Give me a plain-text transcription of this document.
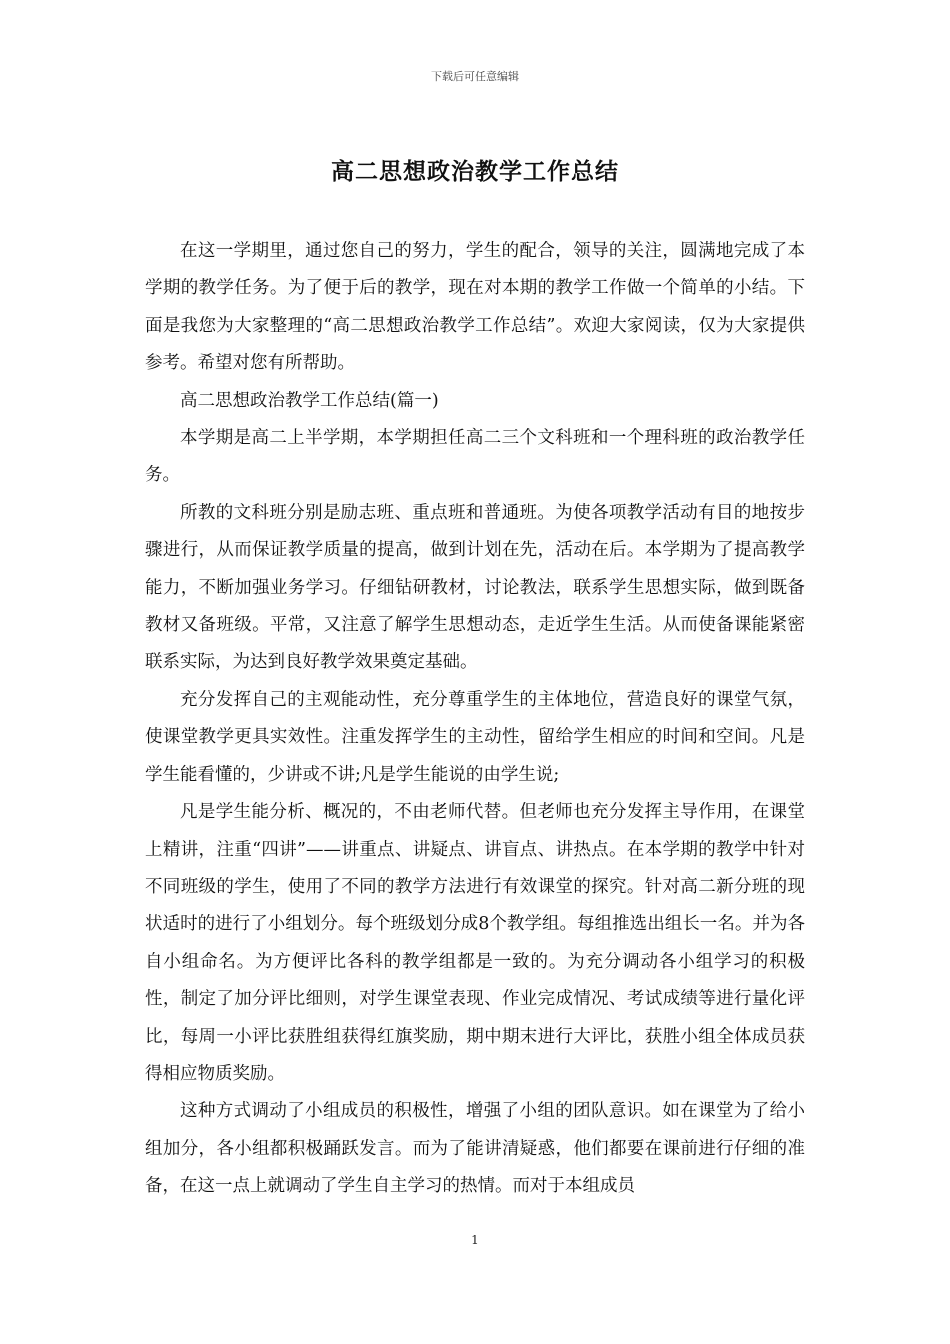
下载后可任意编辑
高二思想政治教学工作总结

在这一学期里，通过您自己的努力，学生的配合，领导的关注，圆满地完成了本学期的教学任务。为了便于后的教学，现在对本期的教学工作做一个简单的小结。下面是我您为大家整理的“高二思想政治教学工作总结”。欢迎大家阅读，仅为大家提供参考。希望对您有所帮助。

高二思想政治教学工作总结(篇一)

本学期是高二上半学期，本学期担任高二三个文科班和一个理科班的政治教学任务。

所教的文科班分别是励志班、重点班和普通班。为使各项教学活动有目的地按步骤进行，从而保证教学质量的提高，做到计划在先，活动在后。本学期为了提高教学能力，不断加强业务学习。仔细钻研教材，讨论教法，联系学生思想实际，做到既备教材又备班级。平常，又注意了解学生思想动态，走近学生生活。从而使备课能紧密联系实际，为达到良好教学效果奠定基础。

充分发挥自己的主观能动性，充分尊重学生的主体地位，营造良好的课堂气氛，使课堂教学更具实效性。注重发挥学生的主动性，留给学生相应的时间和空间。凡是学生能看懂的，少讲或不讲;凡是学生能说的由学生说;

凡是学生能分析、概况的，不由老师代替。但老师也充分发挥主导作用，在课堂上精讲，注重“四讲”——讲重点、讲疑点、讲盲点、讲热点。在本学期的教学中针对不同班级的学生，使用了不同的教学方法进行有效课堂的探究。针对高二新分班的现状适时的进行了小组划分。每个班级划分成8个教学组。每组推选出组长一名。并为各自小组命名。为方便评比各科的教学组都是一致的。为充分调动各小组学习的积极性，制定了加分评比细则，对学生课堂表现、作业完成情况、考试成绩等进行量化评比，每周一小评比获胜组获得红旗奖励，期中期末进行大评比，获胜小组全体成员获得相应物质奖励。

这种方式调动了小组成员的积极性，增强了小组的团队意识。如在课堂为了给小组加分，各小组都积极踊跃发言。而为了能讲清疑惑，他们都要在课前进行仔细的准备，在这一点上就调动了学生自主学习的热情。而对于本组成员

1
